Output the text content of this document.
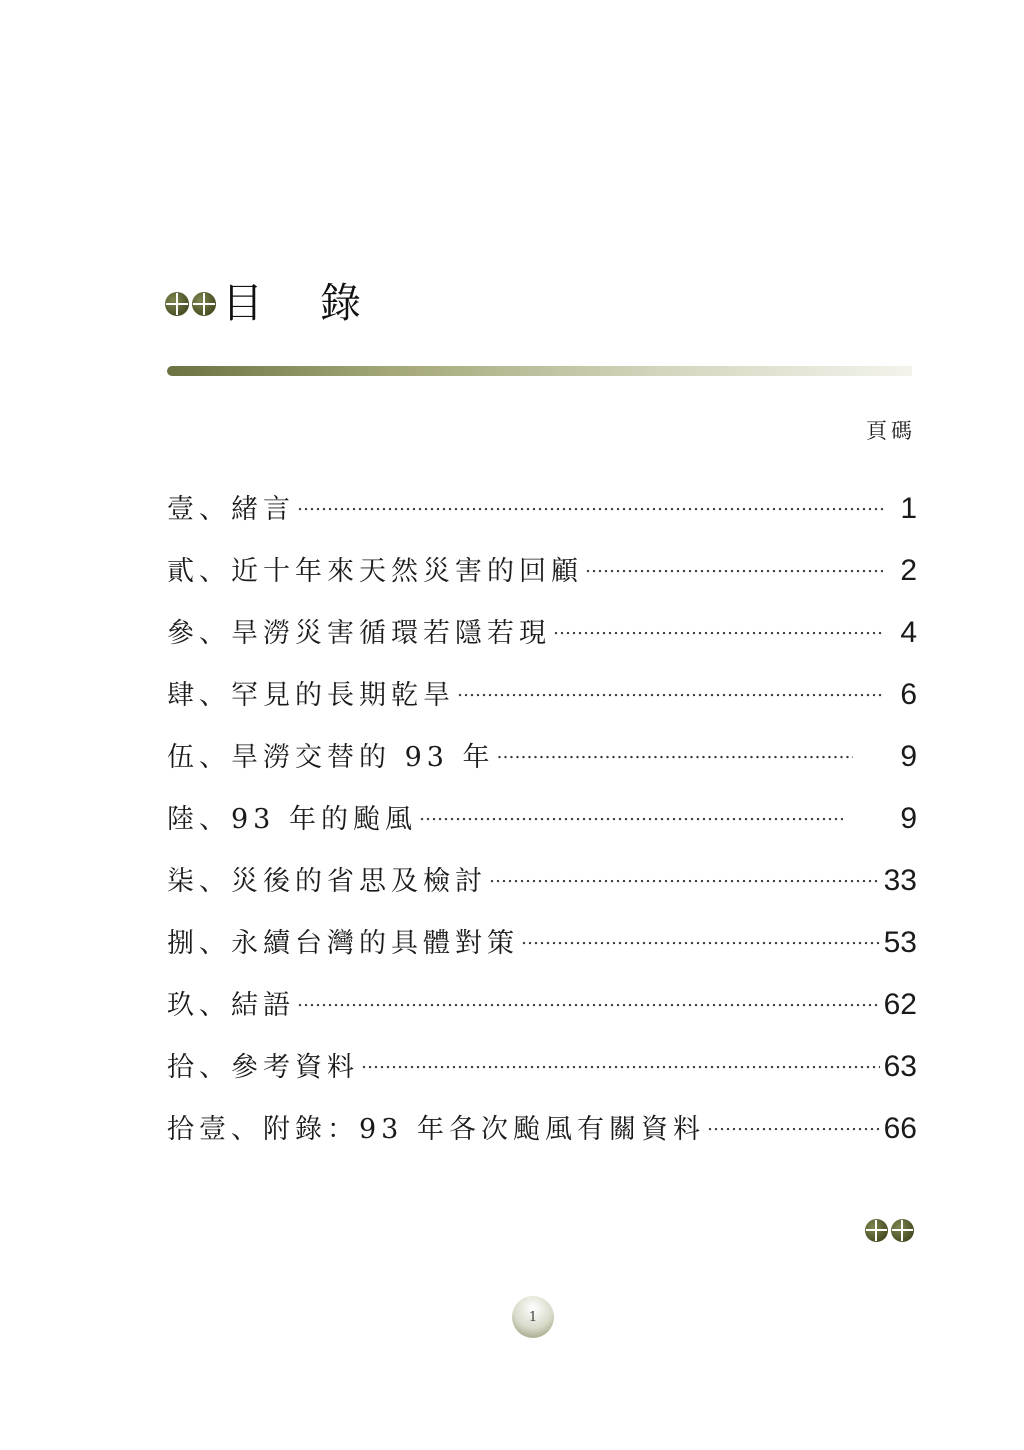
目 錄
頁碼
壹、緒言 ……………………………………………………………………………………………………………………………………………………	1
貳、近十年來天然災害的回顧 ……………………………………………………………………………………………………………………………………………………	2
參、旱澇災害循環若隱若現 ……………………………………………………………………………………………………………………………………………………	4
肆、罕見的長期乾旱 ……………………………………………………………………………………………………………………………………………………	6
伍、旱澇交替的 93 年 ……………………………………………………………………………………………………………………………………………………	9
陸、93 年的颱風 ……………………………………………………………………………………………………………………………………………………	9
柒、災後的省思及檢討 ……………………………………………………………………………………………………………………………………………………	33
捌、永續台灣的具體對策 ……………………………………………………………………………………………………………………………………………………	53
玖、結語 ……………………………………………………………………………………………………………………………………………………	62
拾、參考資料 ……………………………………………………………………………………………………………………………………………………	63
拾壹、附錄：93 年各次颱風有關資料 ……………………………………………………………………………………………………………………………………………………	66
1
